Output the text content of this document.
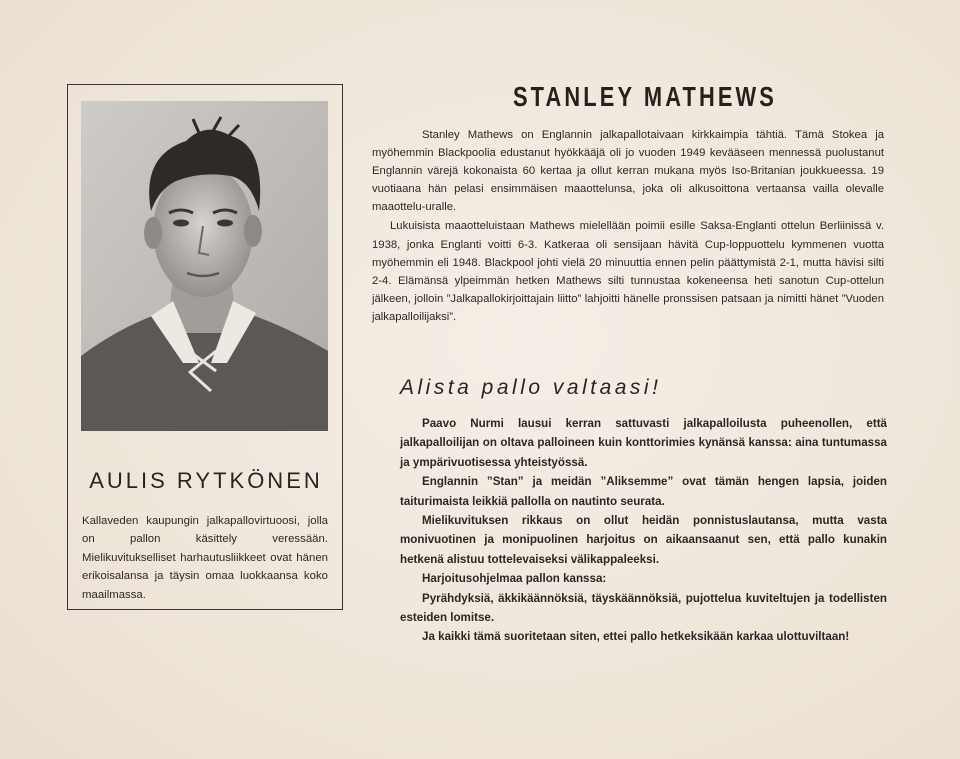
AULIS RYTKÖNEN

Kallaveden kaupungin jalkapallovirtuoosi, jolla on pallon käsittely veressään. Mielikuvitukselliset harhautusliikkeet ovat hänen erikoisalansa ja täysin omaa luokkaansa koko maailmassa.

STANLEY MATHEWS

Stanley Mathews on Englannin jalkapallotaivaan kirkkaimpia tähtiä. Tämä Stokea ja myöhemmin Blackpoolia edustanut hyökkääjä oli jo vuoden 1949 kevääseen mennessä puolustanut Englannin värejä kokonaista 60 kertaa ja ollut kerran mukana myös Iso-Britanian joukkueessa. 19 vuotiaana hän pelasi ensimmäisen maaottelunsa, joka oli alkusoittona vertaansa vailla olevalle maaottelu-uralle.

Lukuisista maaotteluistaan Mathews mielellään poimii esille Saksa-Englanti ottelun Berliinissä v. 1938, jonka Englanti voitti 6-3. Katkeraa oli sensijaan hävitä Cup-loppuottelu kymmenen vuotta myöhemmin eli 1948. Blackpool johti vielä 20 minuuttia ennen pelin päättymistä 2-1, mutta hävisi silti 2-4. Elämänsä ylpeimmän hetken Mathews silti tunnustaa kokeneensa heti sanotun Cup-ottelun jälkeen, jolloin ”Jalkapallokirjoittajain liitto” lahjoitti hänelle pronssisen patsaan ja nimitti hänet ”Vuoden jalkapalloilijaksi”.

Alista pallo valtaasi!

Paavo Nurmi lausui kerran sattuvasti jalkapalloilusta puheenollen, että jalkapalloilijan on oltava palloineen kuin konttorimies kynänsä kanssa: aina tuntumassa ja ympärivuotisessa yhteistyössä.

Englannin ”Stan” ja meidän ”Aliksemme” ovat tämän hengen lapsia, joiden taiturimaista leikkiä pallolla on nautinto seurata.

Mielikuvituksen rikkaus on ollut heidän ponnistuslautansa, mutta vasta monivuotinen ja monipuolinen harjoitus on aikaansaanut sen, että pallo kunakin hetkenä alistuu tottelevaiseksi välikappaleeksi.

Harjoitusohjelmaa pallon kanssa:

Pyrähdyksiä, äkkikäännöksiä, täyskäännöksiä, pujottelua kuviteltujen ja todellisten esteiden lomitse.

Ja kaikki tämä suoritetaan siten, ettei pallo hetkeksikään karkaa ulottuviltaan!
